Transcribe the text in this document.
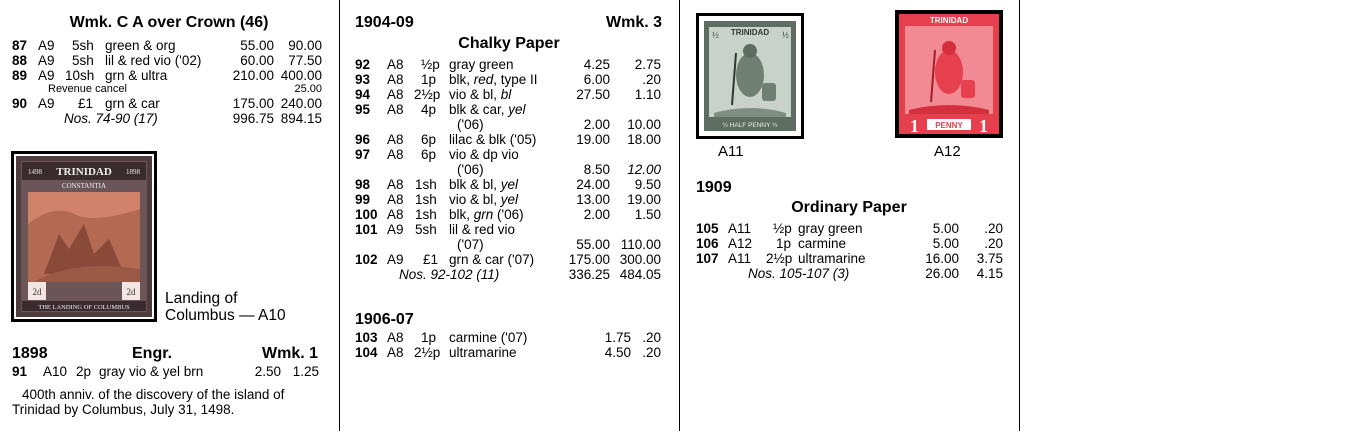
Wmk. C A over Crown (46)
87 A9 5sh green & org	55.00 90.00
88 A9 5sh lil & red vio ('02)	60.00 77.50
89 A9 10sh grn & ultra	210.00 400.00
Revenue cancel	25.00
90 A9 £1 grn & car	175.00 240.00
Nos. 74-90 (17)	996.75 894.15
TRINIDAD
1498	1898
CONSTANTIA
2d	2d
THE LANDING OF COLUMBUS
Landing of
Columbus — A10
1898	Engr.	Wmk. 1
91 A10 2p gray vio & yel brn	2.50 1.25
400th anniv. of the discovery of the island of
Trinidad by Columbus, July 31, 1498.
1904-09	Wmk. 3
Chalky Paper
92 A8 ½p gray green	4.25 2.75
93 A8 1p blk, red, type II	6.00 .20
94 A8 2½p vio & bl, bl	27.50 1.10
95 A8 4p blk & car, yel
('06)	2.00 10.00
96 A8 6p lilac & blk ('05)	19.00 18.00
97 A8 6p vio & dp vio
('06)	8.50 12.00
98 A8 1sh blk & bl, yel	24.00 9.50
99 A8 1sh vio & bl, yel	13.00 19.00
100 A8 1sh blk, grn ('06)	2.00 1.50
101 A9 5sh lil & red vio
('07)	55.00 110.00
102 A9 £1 grn & car ('07)	175.00 300.00
Nos. 92-102 (11)	336.25 484.05
1906-07
103 A8 1p carmine ('07)	1.75 .20
104 A8 2½p ultramarine	4.50 .20
TRINIDAD
½	½
½ HALF PENNY ½
A11
TRINIDAD
1	1
PENNY
A12
1909
Ordinary Paper
105 A11 ½p gray green	5.00 .20
106 A12 1p carmine	5.00 .20
107 A11 2½p ultramarine	16.00 3.75
Nos. 105-107 (3)	26.00 4.15
